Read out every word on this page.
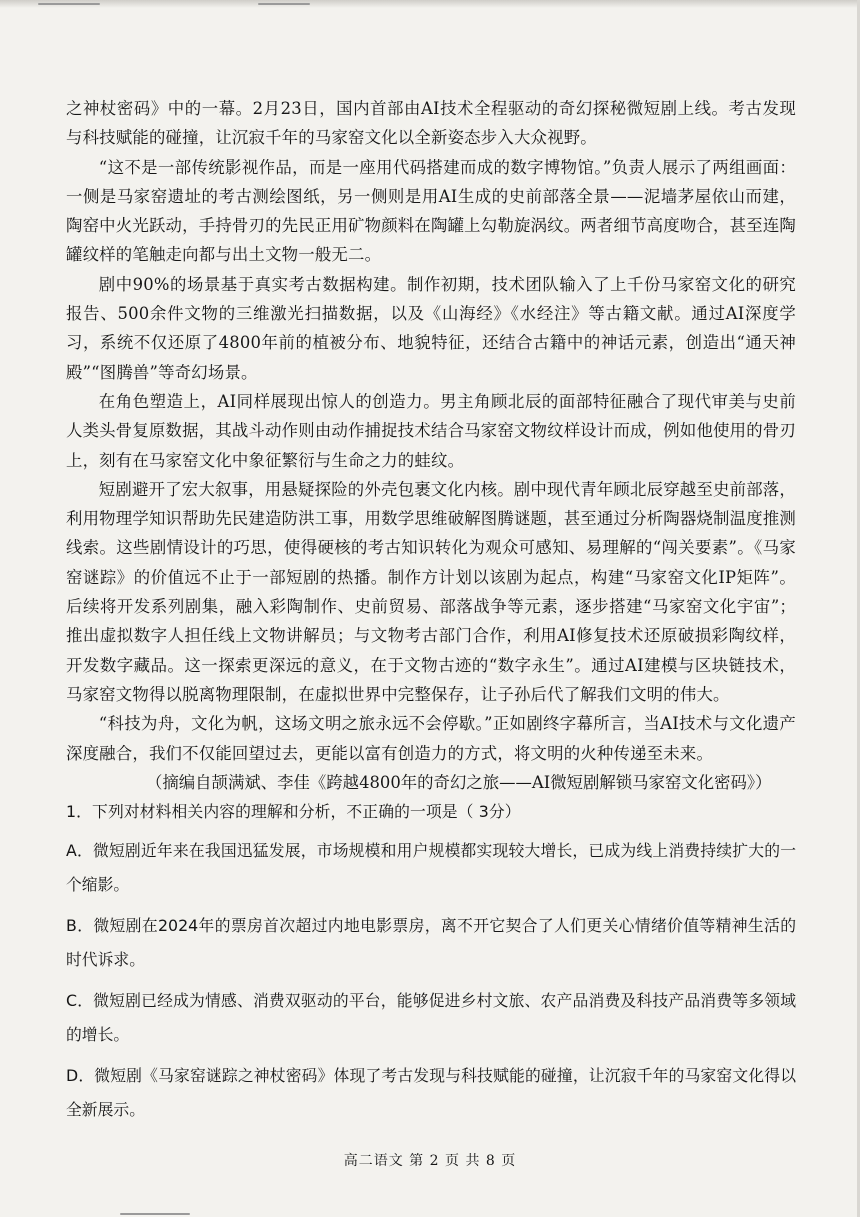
之神杖密码》中的一幕。2月23日，国内首部由AI技术全程驱动的奇幻探秘微短剧上线。考古发现与科技赋能的碰撞，让沉寂千年的马家窑文化以全新姿态步入大众视野。

“这不是一部传统影视作品，而是一座用代码搭建而成的数字博物馆。”负责人展示了两组画面：一侧是马家窑遗址的考古测绘图纸，另一侧则是用AI生成的史前部落全景——泥墙茅屋依山而建，陶窑中火光跃动，手持骨刃的先民正用矿物颜料在陶罐上勾勒旋涡纹。两者细节高度吻合，甚至连陶罐纹样的笔触走向都与出土文物一般无二。

剧中90%的场景基于真实考古数据构建。制作初期，技术团队输入了上千份马家窑文化的研究报告、500余件文物的三维激光扫描数据，以及《山海经》《水经注》等古籍文献。通过AI深度学习，系统不仅还原了4800年前的植被分布、地貌特征，还结合古籍中的神话元素，创造出“通天神殿”“图腾兽”等奇幻场景。

在角色塑造上，AI同样展现出惊人的创造力。男主角顾北辰的面部特征融合了现代审美与史前人类头骨复原数据，其战斗动作则由动作捕捉技术结合马家窑文物纹样设计而成，例如他使用的骨刃上，刻有在马家窑文化中象征繁衍与生命之力的蛙纹。

短剧避开了宏大叙事，用悬疑探险的外壳包裹文化内核。剧中现代青年顾北辰穿越至史前部落，利用物理学知识帮助先民建造防洪工事，用数学思维破解图腾谜题，甚至通过分析陶器烧制温度推测线索。这些剧情设计的巧思，使得硬核的考古知识转化为观众可感知、易理解的“闯关要素”。《马家窑谜踪》的价值远不止于一部短剧的热播。制作方计划以该剧为起点，构建“马家窑文化IP矩阵”。后续将开发系列剧集，融入彩陶制作、史前贸易、部落战争等元素，逐步搭建“马家窑文化宇宙”；推出虚拟数字人担任线上文物讲解员；与文物考古部门合作，利用AI修复技术还原破损彩陶纹样，开发数字藏品。这一探索更深远的意义，在于文物古迹的“数字永生”。通过AI建模与区块链技术，马家窑文物得以脱离物理限制，在虚拟世界中完整保存，让子孙后代了解我们文明的伟大。

“科技为舟，文化为帆，这场文明之旅永远不会停歇。”正如剧终字幕所言，当AI技术与文化遗产深度融合，我们不仅能回望过去，更能以富有创造力的方式，将文明的火种传递至未来。

（摘编自颉满斌、李佳《跨越4800年的奇幻之旅——AI微短剧解锁马家窑文化密码》）

1．下列对材料相关内容的理解和分析，不正确的一项是（ 3分）

A．微短剧近年来在我国迅猛发展，市场规模和用户规模都实现较大增长，已成为线上消费持续扩大的一个缩影。

B．微短剧在2024年的票房首次超过内地电影票房，离不开它契合了人们更关心情绪价值等精神生活的时代诉求。

C．微短剧已经成为情感、消费双驱动的平台，能够促进乡村文旅、农产品消费及科技产品消费等多领域的增长。

D．微短剧《马家窑谜踪之神杖密码》体现了考古发现与科技赋能的碰撞，让沉寂千年的马家窑文化得以全新展示。

高二语文 第 2 页 共 8 页
